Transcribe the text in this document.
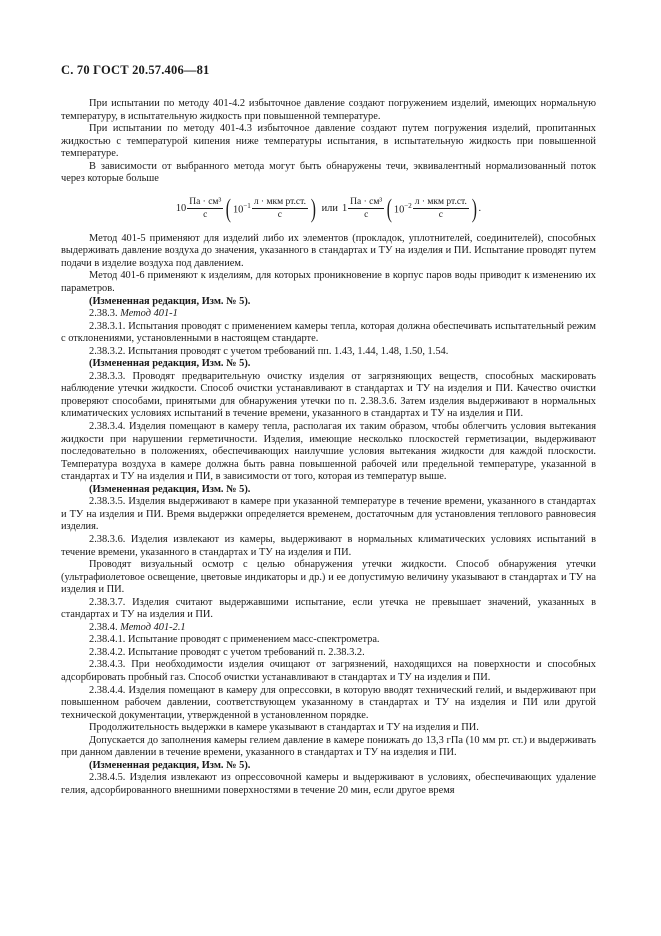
С. 70 ГОСТ 20.57.406—81

При испытании по методу 401-4.2 избыточное давление создают погружением изделий, имеющих нормальную температуру, в испытательную жидкость при повышенной температуре.

При испытании по методу 401-4.3 избыточное давление создают путем погружения изделий, пропитанных жидкостью с температурой кипения ниже температуры испытания, в испытательную жидкость при повышенной температуре.

В зависимости от выбранного метода могут быть обнаружены течи, эквивалентный нормализованный поток через которые больше

$10 \frac{\text{Па · см³}}{с}$ ( $10^{-1} \frac{\text{л · мкм рт.ст.}}{с}$ ) или $1 \frac{\text{Па · см³}}{с}$ ( $10^{-2} \frac{\text{л · мкм рт.ст.}}{с}$ ) .

Метод 401-5 применяют для изделий либо их элементов (прокладок, уплотнителей, соединителей), способных выдерживать давление воздуха до значения, указанного в стандартах и ТУ на изделия и ПИ. Испытание проводят путем подачи в изделие воздуха под давлением.

Метод 401-6 применяют к изделиям, для которых проникновение в корпус паров воды приводит к изменению их параметров.

(Измененная редакция, Изм. № 5).

2.38.3. Метод 401-1

2.38.3.1. Испытания проводят с применением камеры тепла, которая должна обеспечивать испытательный режим с отклонениями, установленными в настоящем стандарте.

2.38.3.2. Испытания проводят с учетом требований пп. 1.43, 1.44, 1.48, 1.50, 1.54.

(Измененная редакция, Изм. № 5).

2.38.3.3. Проводят предварительную очистку изделия от загрязняющих веществ, способных маскировать наблюдение утечки жидкости. Способ очистки устанавливают в стандартах и ТУ на изделия и ПИ. Качество очистки проверяют способами, принятыми для обнаружения утечки по п. 2.38.3.6. Затем изделия выдерживают в нормальных климатических условиях испытаний в течение времени, указанного в стандартах и ТУ на изделия и ПИ.

2.38.3.4. Изделия помещают в камеру тепла, располагая их таким образом, чтобы облегчить условия вытекания жидкости при нарушении герметичности. Изделия, имеющие несколько плоскостей герметизации, выдерживают последовательно в положениях, обеспечивающих наилучшие условия вытекания жидкости для каждой плоскости. Температура воздуха в камере должна быть равна повышенной рабочей или предельной температуре, указанной в стандартах и ТУ на изделия и ПИ, в зависимости от того, которая из температур выше.

(Измененная редакция, Изм. № 5).

2.38.3.5. Изделия выдерживают в камере при указанной температуре в течение времени, указанного в стандартах и ТУ на изделия и ПИ. Время выдержки определяется временем, достаточным для установления теплового равновесия изделия.

2.38.3.6. Изделия извлекают из камеры, выдерживают в нормальных климатических условиях испытаний в течение времени, указанного в стандартах и ТУ на изделия и ПИ.

Проводят визуальный осмотр с целью обнаружения утечки жидкости. Способ обнаружения утечки (ультрафиолетовое освещение, цветовые индикаторы и др.) и ее допустимую величину указывают в стандартах и ТУ на изделия и ПИ.

2.38.3.7. Изделия считают выдержавшими испытание, если утечка не превышает значений, указанных в стандартах и ТУ на изделия и ПИ.

2.38.4. Метод 401-2.1

2.38.4.1. Испытание проводят с применением масс-спектрометра.

2.38.4.2. Испытание проводят с учетом требований п. 2.38.3.2.

2.38.4.3. При необходимости изделия очищают от загрязнений, находящихся на поверхности и способных адсорбировать пробный газ. Способ очистки устанавливают в стандартах и ТУ на изделия и ПИ.

2.38.4.4. Изделия помещают в камеру для опрессовки, в которую вводят технический гелий, и выдерживают при повышенном рабочем давлении, соответствующем указанному в стандартах и ТУ на изделия и ПИ или другой технической документации, утвержденной в установленном порядке.

Продолжительность выдержки в камере указывают в стандартах и ТУ на изделия и ПИ.

Допускается до заполнения камеры гелием давление в камере понижать до 13,3 гПа (10 мм рт. ст.) и выдерживать при данном давлении в течение времени, указанного в стандартах и ТУ на изделия и ПИ.

(Измененная редакция, Изм. № 5).

2.38.4.5. Изделия извлекают из опрессовочной камеры и выдерживают в условиях, обеспечивающих удаление гелия, адсорбированного внешними поверхностями в течение 20 мин, если другое время
